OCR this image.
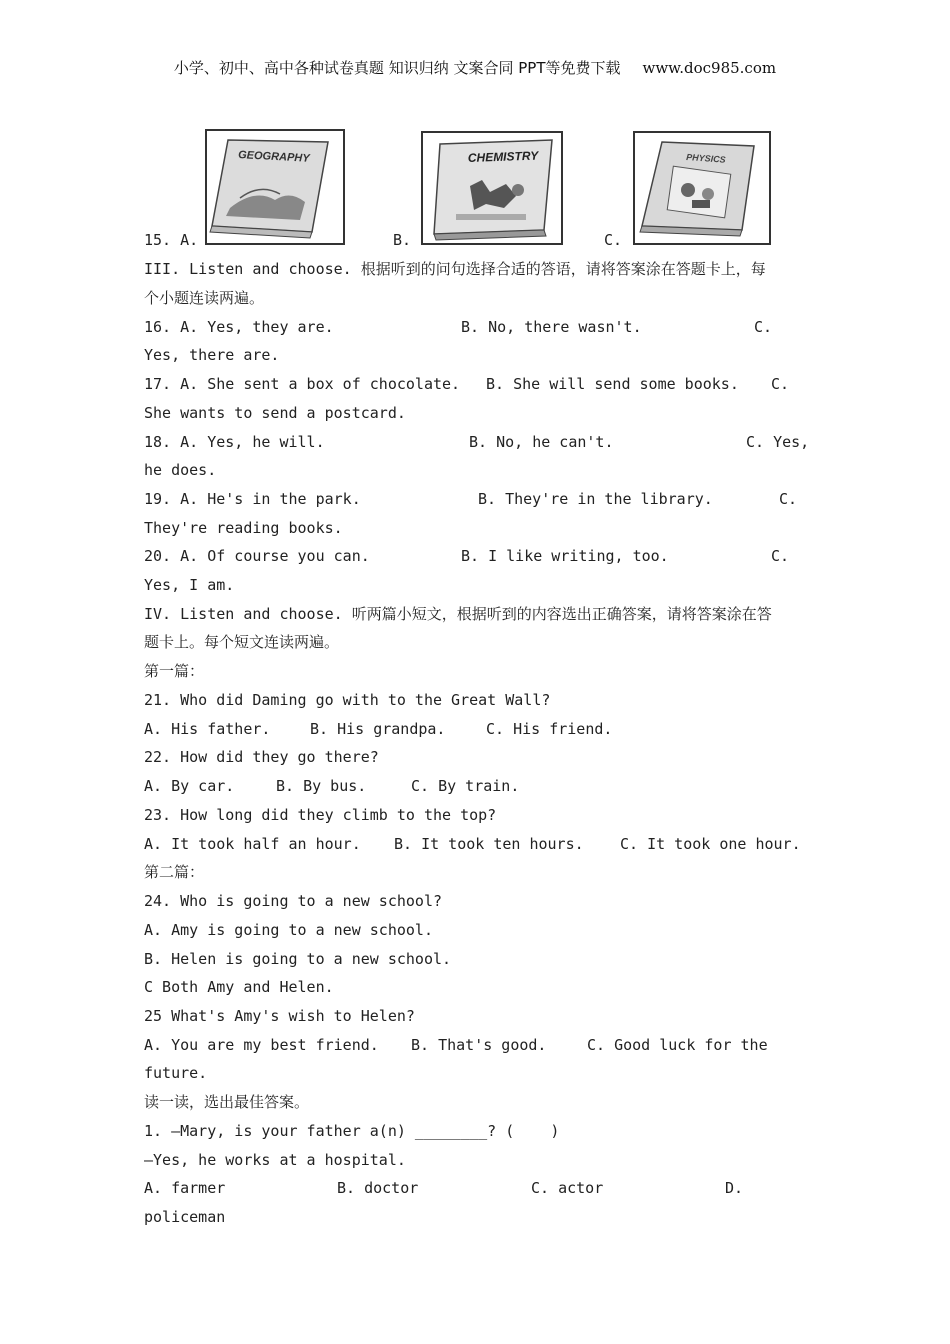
小学、初中、高中各种试卷真题 知识归纳 文案合同 PPT等免费下载 www.doc985.com
GEOGRAPHY	CHEMISTRY	PHYSICS
15. A.	B.	C.
III. Listen and choose. 根据听到的问句选择合适的答语，请将答案涂在答题卡上，每
个小题连读两遍。
16. A. Yes, they are.	B. No, there wasn't.	C.
Yes, there are.
17. A. She sent a box of chocolate. B. She will send some books. C.
She wants to send a postcard.
18. A. Yes, he will.	B. No, he can't.	C. Yes,
he does.
19. A. He's in the park.	B. They're in the library.	C.
They're reading books.
20. A. Of course you can.	B. I like writing, too.	C.
Yes, I am.
IV. Listen and choose. 听两篇小短文，根据听到的内容选出正确答案，请将答案涂在答
题卡上。每个短文连读两遍。
第一篇：
21. Who did Daming go with to the Great Wall?
A. His father.	B. His grandpa.	C. His friend.
22. How did they go there?
A. By car.	B. By bus.	C. By train.
23. How long did they climb to the top?
A. It took half an hour. B. It took ten hours. C. It took one hour.
第二篇：
24. Who is going to a new school?
A. Amy is going to a new school.
B. Helen is going to a new school.
C Both Amy and Helen.
25 What's Amy's wish to Helen?
A. You are my best friend. B. That's good.	C. Good luck for the
future.
读一读，选出最佳答案。
1. —Mary, is your father a(n) ________? (    )
—Yes, he works at a hospital.
A. farmer	B. doctor	C. actor	D.
policeman
